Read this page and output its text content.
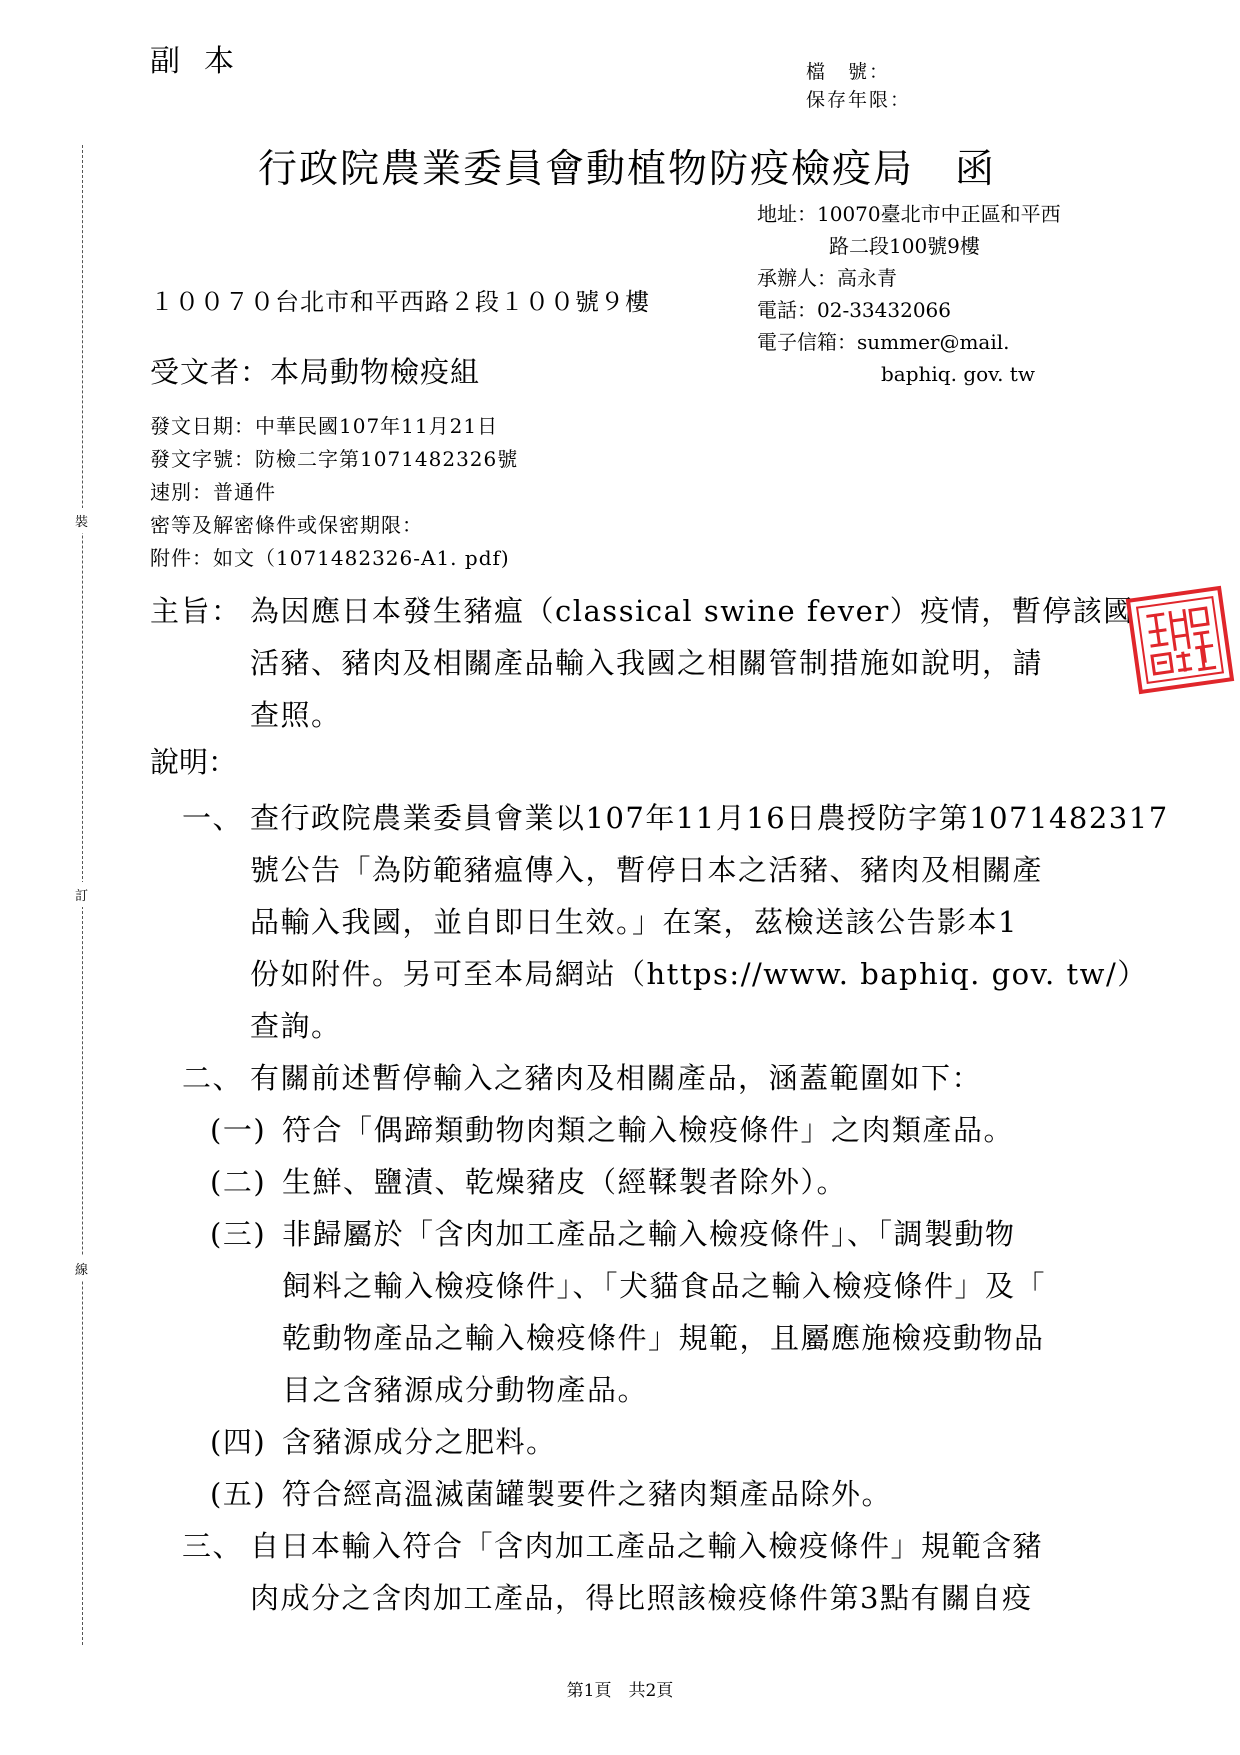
副本	檔　號：
保存年限：
行政院農業委員會動植物防疫檢疫局　函
地址：10070臺北市中正區和平西
路二段100號9樓
承辦人：高永青
電話：02-33432066
電子信箱：summer@mail.
baphiq. gov. tw
１００７０台北市和平西路２段１００號９樓
受文者：本局動物檢疫組
發文日期：中華民國107年11月21日
發文字號：防檢二字第1071482326號
速別：普通件
密等及解密條件或保密期限：
附件：如文（1071482326-A1. pdf)
裝
訂
線
主旨： 為因應日本發生豬瘟（classical swine fever）疫情，暫停該國
活豬、豬肉及相關產品輸入我國之相關管制措施如說明，請
查照。
說明：
一、 查行政院農業委員會業以107年11月16日農授防字第1071482317
號公告「為防範豬瘟傳入，暫停日本之活豬、豬肉及相關產
品輸入我國，並自即日生效。」在案，茲檢送該公告影本1
份如附件。另可至本局網站（https://www. baphiq. gov. tw/）
查詢。
二、 有關前述暫停輸入之豬肉及相關產品，涵蓋範圍如下：
(一) 符合「偶蹄類動物肉類之輸入檢疫條件」之肉類產品。
(二) 生鮮、鹽漬、乾燥豬皮（經鞣製者除外）。
(三) 非歸屬於「含肉加工產品之輸入檢疫條件」、「調製動物
飼料之輸入檢疫條件」、「犬貓食品之輸入檢疫條件」及「
乾動物產品之輸入檢疫條件」規範，且屬應施檢疫動物品
目之含豬源成分動物產品。
(四) 含豬源成分之肥料。
(五) 符合經高溫滅菌罐製要件之豬肉類產品除外。
三、 自日本輸入符合「含肉加工產品之輸入檢疫條件」規範含豬
肉成分之含肉加工產品，得比照該檢疫條件第3點有關自疫
第1頁　共2頁
